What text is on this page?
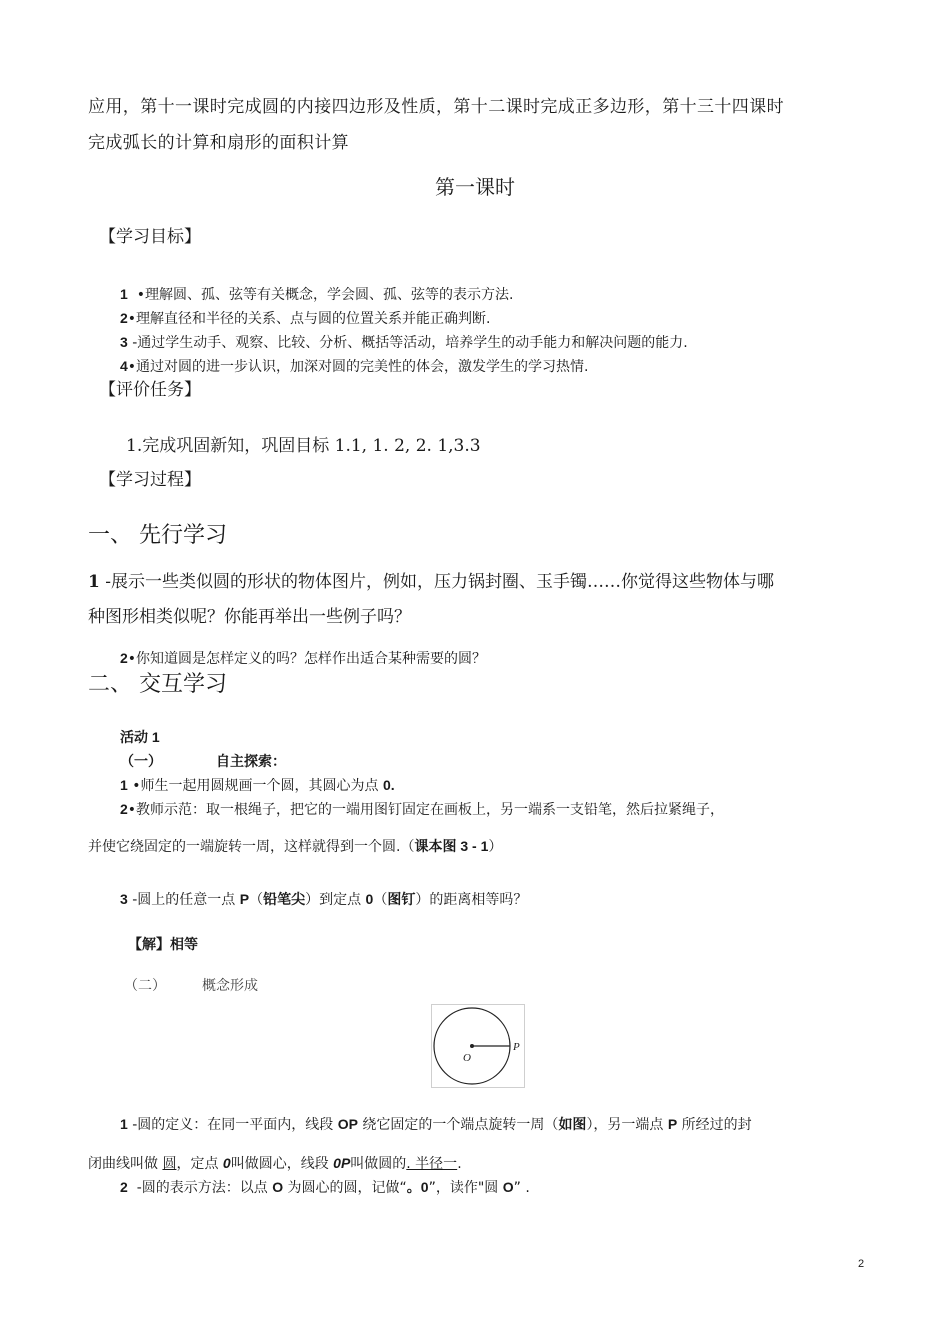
应用，第十一课时完成圆的内接四边形及性质，第十二课时完成正多边形，第十三十四课时
完成弧长的计算和扇形的面积计算
第一课时
【学习目标】
1 •理解圆、孤、弦等有关概念，学会圆、孤、弦等的表示方法.
2•理解直径和半径的关系、点与圆的位置关系并能正确判断.
3 -通过学生动手、观察、比较、分析、概括等活动，培养学生的动手能力和解决问题的能力.
4•通过对圆的进一步认识，加深对圆的完美性的体会，激发学生的学习热情.
【评价任务】
1.完成巩固新知，巩固目标 1.1, 1. 2, 2. 1,3.3
【学习过程】
一、 先行学习
1 -展示一些类似圆的形状的物体图片，例如，压力锅封圈、玉手镯……你觉得这些物体与哪
种图形相类似呢？你能再举出一些例子吗？
2•你知道圆是怎样定义的吗？怎样作出适合某种需要的圆？
二、 交互学习
活动 1
（一）	自主探索：
1 •师生一起用圆规画一个圆，其圆心为点 0.
2•教师示范：取一根绳子，把它的一端用图钉固定在画板上，另一端系一支铅笔，然后拉紧绳子，
并使它绕固定的一端旋转一周，这样就得到一个圆.（课本图 3 - 1）
3 -圆上的任意一点 P（铅笔尖）到定点 0（图钉）的距离相等吗？
【解】相等
（二）	概念形成
O
P
1 -圆的定义：在同一平面内，线段 OP 绕它固定的一个端点旋转一周（如图），另一端点 P 所经过的封
闭曲线叫做 圆，定点 0叫做圆心，线段 0P叫做圆的. 半径一.
2  -圆的表示方法：以点 O 为圆心的圆，记做“。0”，读作"圆 O” .
2
